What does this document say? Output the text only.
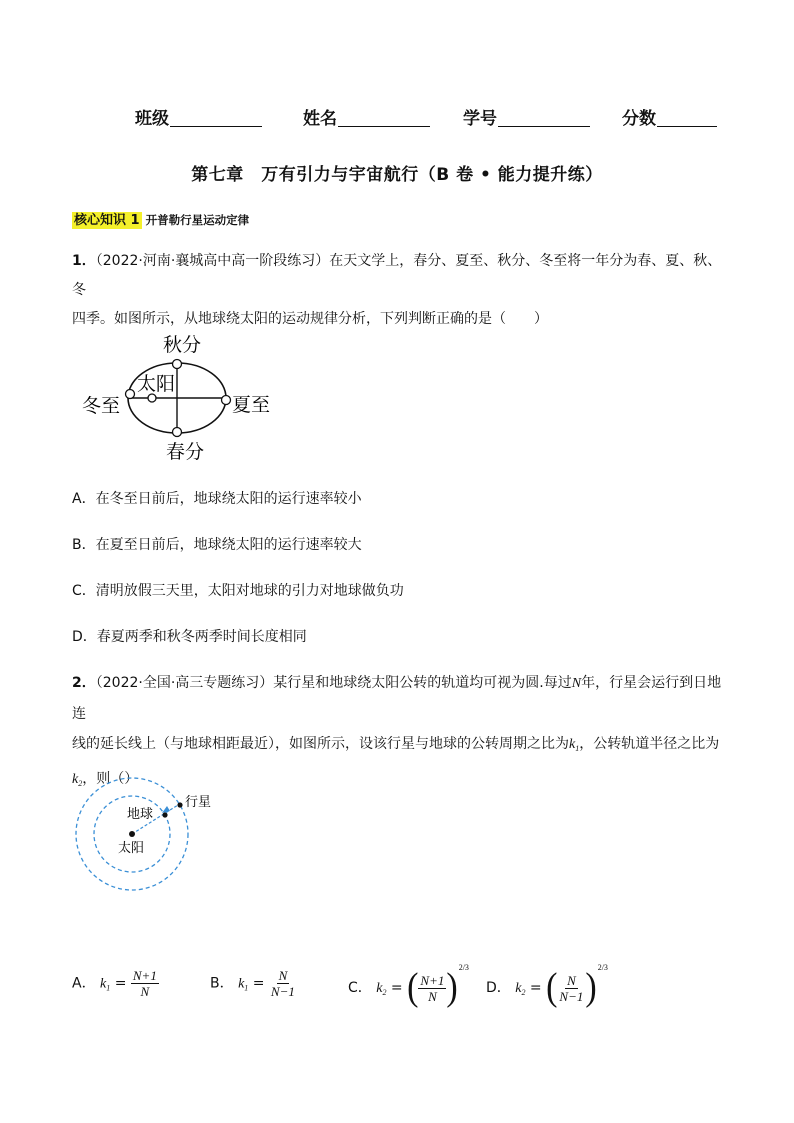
班级	姓名	学号	分数
第七章　万有引力与宇宙航行（B 卷 • 能力提升练）
核心知识 1 开普勒行星运动定律
1．（2022·河南·襄城高中高一阶段练习）在天文学上，春分、夏至、秋分、冬至将一年分为春、夏、秋、冬
四季。如图所示，从地球绕太阳的运动规律分析，下列判断正确的是（　　）
秋分
冬至	夏至
春分
太阳
A．在冬至日前后，地球绕太阳的运行速率较小
B．在夏至日前后，地球绕太阳的运行速率较大
C．清明放假三天里，太阳对地球的引力对地球做负功
D．春夏两季和秋冬两季时间长度相同
2．（2022·全国·高三专题练习）某行星和地球绕太阳公转的轨道均可视为圆.每过N年，行星会运行到日地连
线的延长线上（与地球相距最近），如图所示，设该行星与地球的公转周期之比为$k_1$，公转轨道半径之比为
$k_2$，则（）
行星
地球
太阳
A． $k_1 = \frac{N+1}{N}$	B． $k_1 = \frac{N}{N-1}$	C． $k_2$ = ( $\frac{N+1}{N} )^{2/3}$
D． $k_2$ = ( $\frac{N}{N-1} )^{2/3}$
